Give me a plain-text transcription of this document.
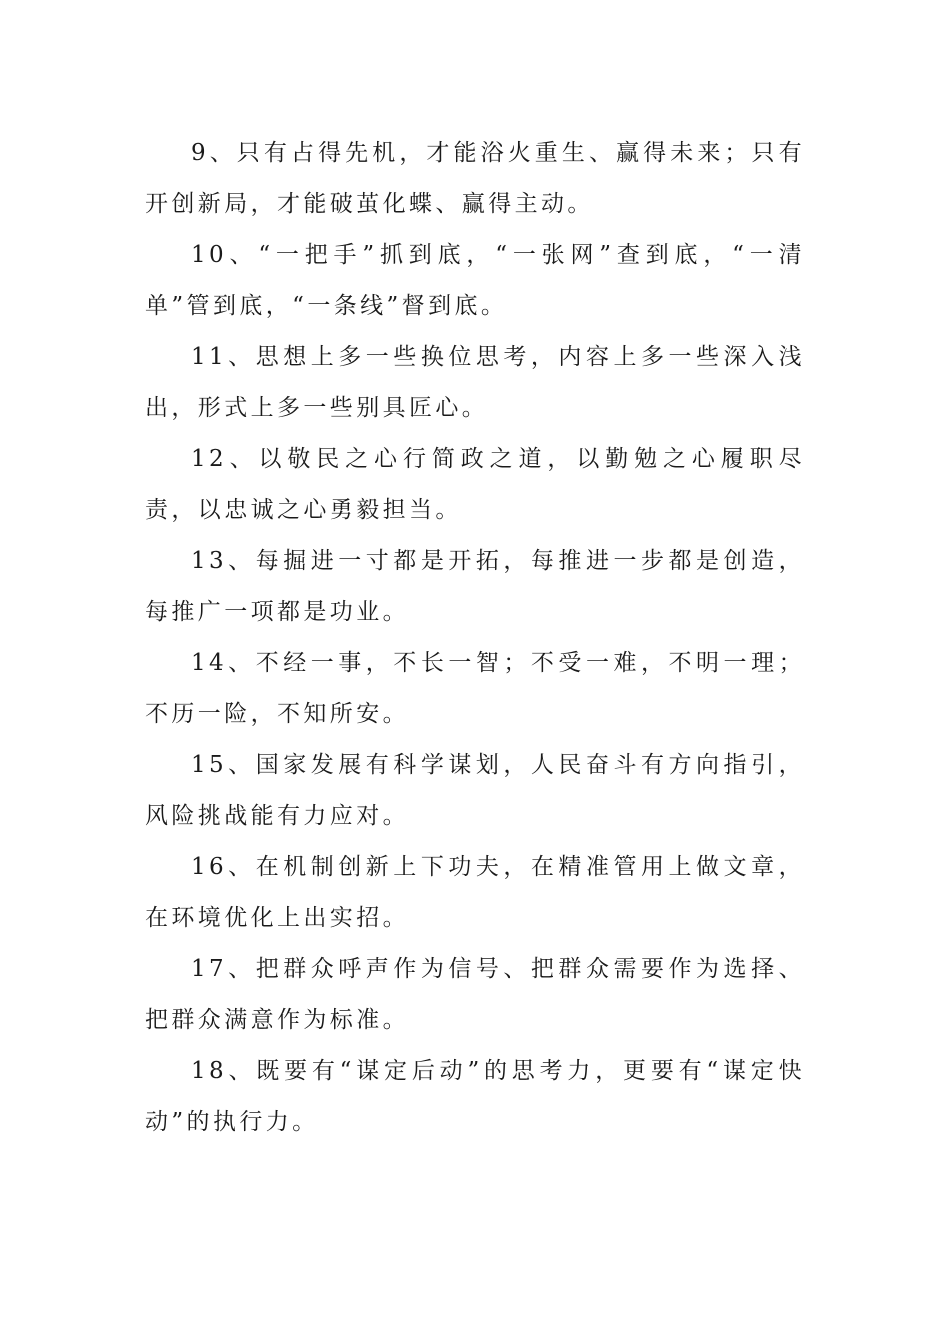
9、只有占得先机，才能浴火重生、赢得未来；只有开创新局，才能破茧化蝶、赢得主动。

10、“一把手”抓到底，“一张网”查到底，“一清单”管到底，“一条线”督到底。

11、思想上多一些换位思考，内容上多一些深入浅出，形式上多一些别具匠心。

12、以敬民之心行简政之道，以勤勉之心履职尽责，以忠诚之心勇毅担当。

13、每掘进一寸都是开拓，每推进一步都是创造，每推广一项都是功业。

14、不经一事，不长一智；不受一难，不明一理；不历一险，不知所安。

15、国家发展有科学谋划，人民奋斗有方向指引，风险挑战能有力应对。

16、在机制创新上下功夫，在精准管用上做文章，在环境优化上出实招。

17、把群众呼声作为信号、把群众需要作为选择、把群众满意作为标准。

18、既要有“谋定后动”的思考力，更要有“谋定快动”的执行力。
